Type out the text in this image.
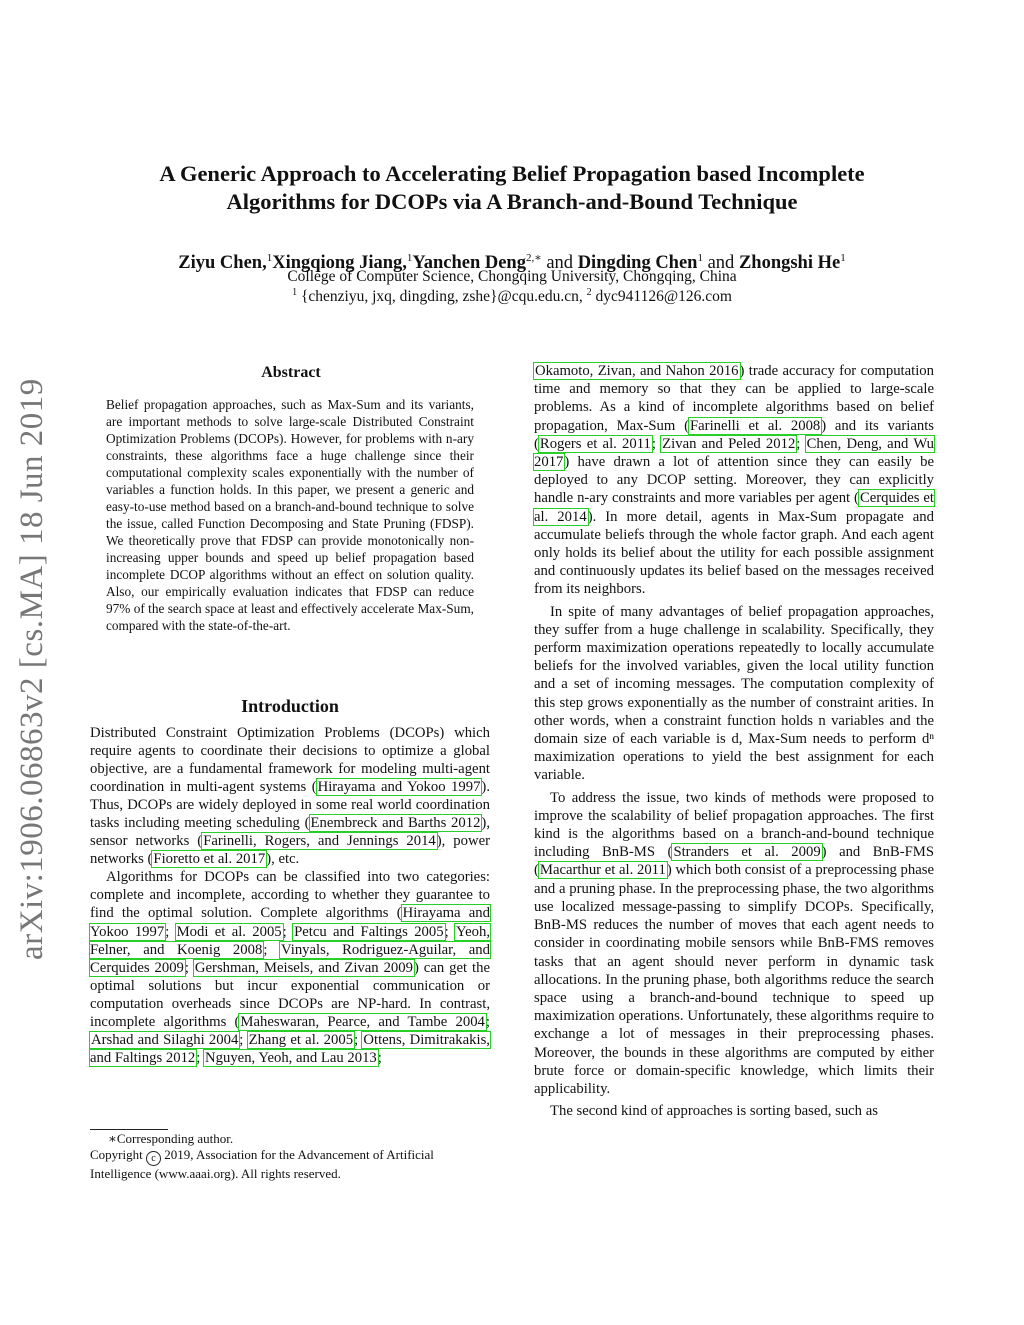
arXiv:1906.06863v2 [cs.MA] 18 Jun 2019
A Generic Approach to Accelerating Belief Propagation based Incomplete
Algorithms for DCOPs via A Branch-and-Bound Technique
Ziyu Chen,$^1$Xingqiong Jiang,$^1$Yanchen Deng$^{2,∗}$ and Dingding Chen$^1$ and Zhongshi He$^1$
College of Computer Science, Chongqing University, Chongqing, China
$^1$ {chenziyu, jxq, dingding, zshe}@cqu.edu.cn, $^2$ dyc941126@126.com
Abstract
Belief propagation approaches, such as Max-Sum and its variants, are important methods to solve large-scale Distributed Constraint Optimization Problems (DCOPs). However, for problems with n-ary constraints, these algorithms face a huge challenge since their computational complexity scales exponentially with the number of variables a function holds. In this paper, we present a generic and easy-to-use method based on a branch-and-bound technique to solve the issue, called Function Decomposing and State Pruning (FDSP). We theoretically prove that FDSP can provide monotonically non-increasing upper bounds and speed up belief propagation based incomplete DCOP algorithms without an effect on solution quality. Also, our empirically evaluation indicates that FDSP can reduce 97% of the search space at least and effectively accelerate Max-Sum, compared with the state-of-the-art.
Introduction

Distributed Constraint Optimization Problems (DCOPs) which require agents to coordinate their decisions to optimize a global objective, are a fundamental framework for modeling multi-agent coordination in multi-agent systems (Hirayama and Yokoo 1997). Thus, DCOPs are widely deployed in some real world coordination tasks including meeting scheduling (Enembreck and Barths 2012), sensor networks (Farinelli, Rogers, and Jennings 2014), power networks (Fioretto et al. 2017), etc.

Algorithms for DCOPs can be classified into two categories: complete and incomplete, according to whether they guarantee to find the optimal solution. Complete algorithms (Hirayama and Yokoo 1997; Modi et al. 2005; Petcu and Faltings 2005; Yeoh, Felner, and Koenig 2008; Vinyals, Rodriguez-Aguilar, and Cerquides 2009; Gershman, Meisels, and Zivan 2009) can get the optimal solutions but incur exponential communication or computation overheads since DCOPs are NP-hard. In contrast, incomplete algorithms (Maheswaran, Pearce, and Tambe 2004; Arshad and Silaghi 2004; Zhang et al. 2005; Ottens, Dimitrakakis, and Faltings 2012; Nguyen, Yeoh, and Lau 2013;

∗Corresponding author.
Copyright c 2019, Association for the Advancement of Artificial Intelligence (www.aaai.org). All rights reserved.

Okamoto, Zivan, and Nahon 2016) trade accuracy for computation time and memory so that they can be applied to large-scale problems. As a kind of incomplete algorithms based on belief propagation, Max-Sum (Farinelli et al. 2008) and its variants (Rogers et al. 2011; Zivan and Peled 2012; Chen, Deng, and Wu 2017) have drawn a lot of attention since they can easily be deployed to any DCOP setting. Moreover, they can explicitly handle n-ary constraints and more variables per agent (Cerquides et al. 2014). In more detail, agents in Max-Sum propagate and accumulate beliefs through the whole factor graph. And each agent only holds its belief about the utility for each possible assignment and continuously updates its belief based on the messages received from its neighbors.

In spite of many advantages of belief propagation approaches, they suffer from a huge challenge in scalability. Specifically, they perform maximization operations repeatedly to locally accumulate beliefs for the involved variables, given the local utility function and a set of incoming messages. The computation complexity of this step grows exponentially as the number of constraint arities. In other words, when a constraint function holds n variables and the domain size of each variable is d, Max-Sum needs to perform dⁿ maximization operations to yield the best assignment for each variable.

To address the issue, two kinds of methods were proposed to improve the scalability of belief propagation approaches. The first kind is the algorithms based on a branch-and-bound technique including BnB-MS (Stranders et al. 2009) and BnB-FMS (Macarthur et al. 2011) which both consist of a preprocessing phase and a pruning phase. In the preprocessing phase, the two algorithms use localized message-passing to simplify DCOPs. Specifically, BnB-MS reduces the number of moves that each agent needs to consider in coordinating mobile sensors while BnB-FMS removes tasks that an agent should never perform in dynamic task allocations. In the pruning phase, both algorithms reduce the search space using a branch-and-bound technique to speed up maximization operations. Unfortunately, these algorithms require to exchange a lot of messages in their preprocessing phases. Moreover, the bounds in these algorithms are computed by either brute force or domain-specific knowledge, which limits their applicability.

The second kind of approaches is sorting based, such as
